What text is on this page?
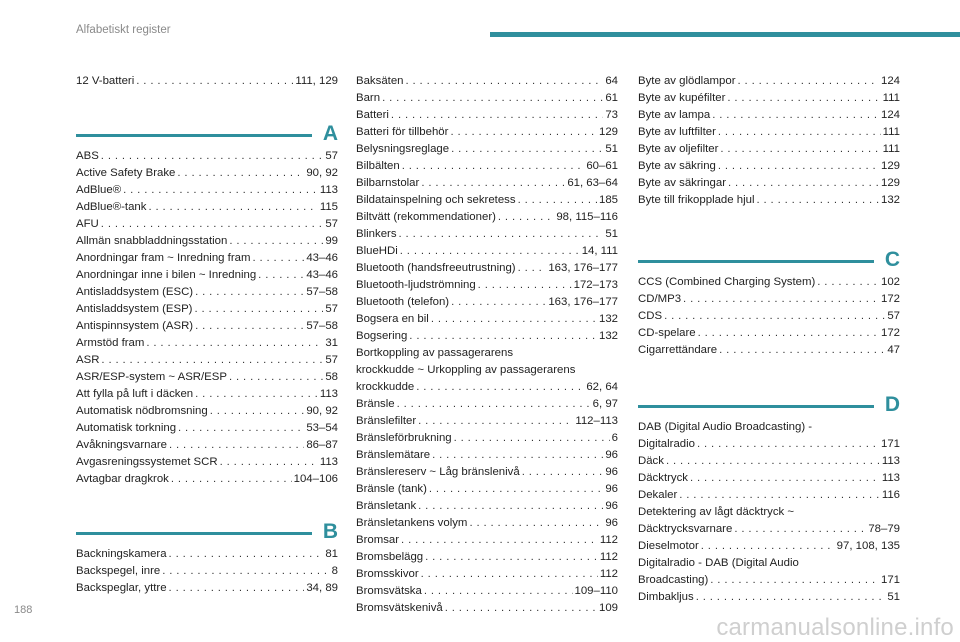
Alfabetiskt register
12 V-batteri . . .	111, 129
A
ABS . . .	57
Active Safety Brake . . .	90, 92
AdBlue® . . .	113
AdBlue®-tank . . .	115
AFU . . .	57
Allmän snabbladdningsstation . . .	99
Anordningar fram ~ Inredning fram . . .	43–46
Anordningar inne i bilen ~ Inredning . . .	43–46
Antisladdsystem (ESC) . . .	57–58
Antisladdsystem (ESP) . . .	57
Antispinnsystem (ASR) . . .	57–58
Armstöd fram . . .	31
ASR . . .	57
ASR/ESP-system ~ ASR/ESP . . .	58
Att fylla på luft i däcken . . .	113
Automatisk nödbromsning . . .	90, 92
Automatisk torkning . . .	53–54
Avåkningsvarnare . . .	86–87
Avgasreningssystemet SCR . . .	113
Avtagbar dragkrok . . .	104–106
B
Backningskamera . . .	81
Backspegel, inre . . .	8
Backspeglar, yttre . . .	34, 89
Baksäten . . .	64
Barn . . .	61
Batteri . . .	73
Batteri för tillbehör . . .	129
Belysningsreglage . . .	51
Bilbälten . . .	60–61
Bilbarnstolar . . .	61, 63–64
Bildatainspelning och sekretess . . .	185
Biltvätt (rekommendationer) . . .	98, 115–116
Blinkers . . .	51
BlueHDi . . .	14, 111
Bluetooth (handsfreeutrustning) . . .	163, 176–177
Bluetooth-ljudströmning . . .	172–173
Bluetooth (telefon) . . .	163, 176–177
Bogsera en bil . . .	132
Bogsering . . .	132
Bortkoppling av passagerarens
krockkudde ~ Urkoppling av passagerarens
krockkudde . . .	62, 64
Bränsle . . .	6, 97
Bränslefilter . . .	112–113
Bränsleförbrukning . . .	6
Bränslemätare . . .	96
Bränslereserv ~ Låg bränslenivå . . .	96
Bränsle (tank) . . .	96
Bränsletank . . .	96
Bränsletankens volym . . .	96
Bromsar . . .	112
Bromsbelägg . . .	112
Bromsskivor . . .	112
Bromsvätska . . .	109–110
Bromsvätskenivå . . .	109
Byte av glödlampor . . .	124
Byte av kupéfilter . . .	111
Byte av lampa . . .	124
Byte av luftfilter . . .	111
Byte av oljefilter . . .	111
Byte av säkring . . .	129
Byte av säkringar . . .	129
Byte till frikopplade hjul . . .	132
C
CCS (Combined Charging System) . . .	102
CD/MP3 . . .	172
CDS . . .	57
CD-spelare . . .	172
Cigarrettändare . . .	47
D
DAB (Digital Audio Broadcasting) -
Digitalradio . . .	171
Däck . . .	113
Däcktryck . . .	113
Dekaler . . .	116
Detektering av lågt däcktryck ~
Däcktrycksvarnare . . .	78–79
Dieselmotor . . .	97, 108, 135
Digitalradio - DAB (Digital Audio
Broadcasting) . . .	171
Dimbakljus . . .	51
188
carmanualsonline.info
